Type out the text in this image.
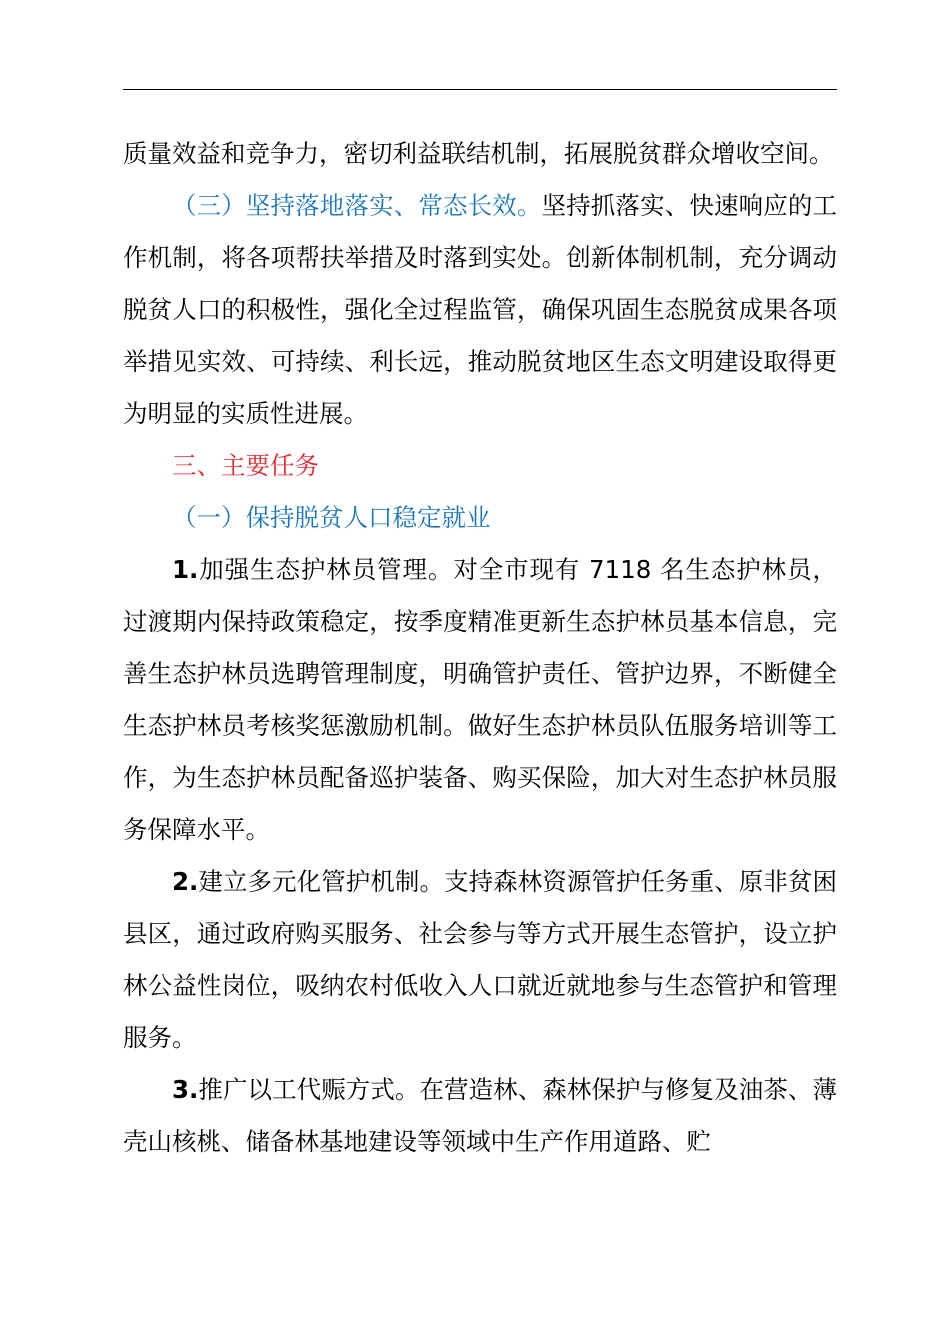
质量效益和竞争力，密切利益联结机制，拓展脱贫群众增收空间。

（三）坚持落地落实、常态长效。坚持抓落实、快速响应的工作机制，将各项帮扶举措及时落到实处。创新体制机制，充分调动脱贫人口的积极性，强化全过程监管，确保巩固生态脱贫成果各项举措见实效、可持续、利长远，推动脱贫地区生态文明建设取得更为明显的实质性进展。

三、主要任务

（一）保持脱贫人口稳定就业

1.加强生态护林员管理。对全市现有 7118 名生态护林员，过渡期内保持政策稳定，按季度精准更新生态护林员基本信息，完善生态护林员选聘管理制度，明确管护责任、管护边界，不断健全生态护林员考核奖惩激励机制。做好生态护林员队伍服务培训等工作，为生态护林员配备巡护装备、购买保险，加大对生态护林员服务保障水平。

2.建立多元化管护机制。支持森林资源管护任务重、原非贫困县区，通过政府购买服务、社会参与等方式开展生态管护，设立护林公益性岗位，吸纳农村低收入人口就近就地参与生态管护和管理服务。

3.推广以工代赈方式。在营造林、森林保护与修复及油茶、薄壳山核桃、储备林基地建设等领域中生产作用道路、贮
